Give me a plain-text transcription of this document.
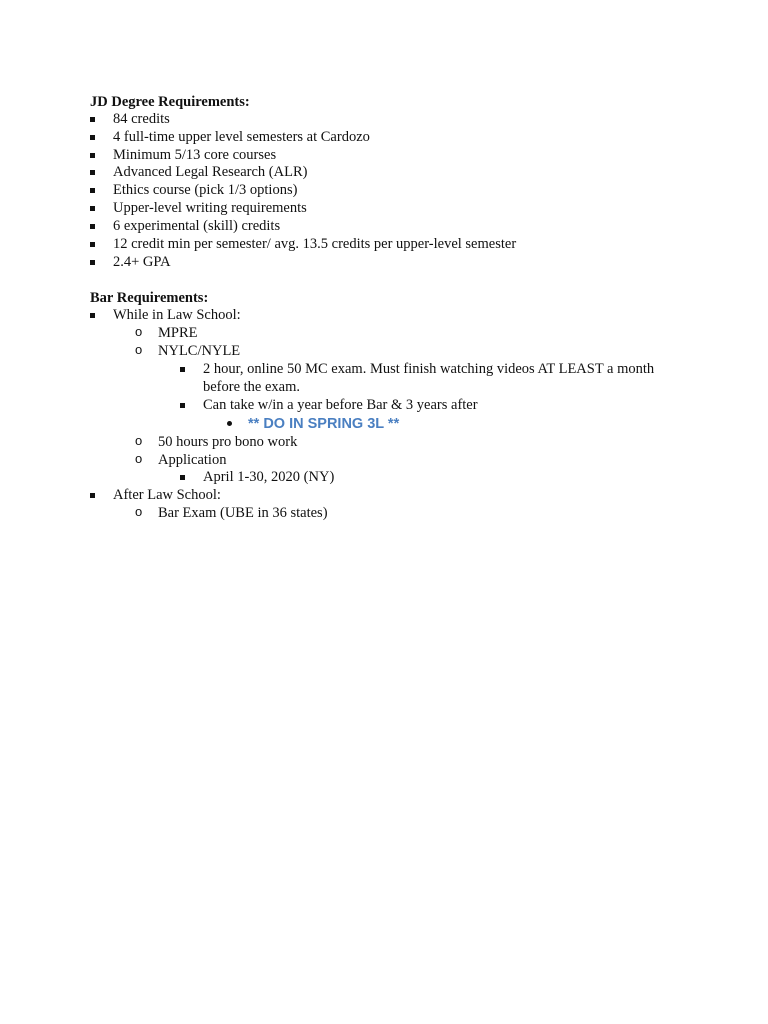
JD Degree Requirements:
84 credits
4 full-time upper level semesters at Cardozo
Minimum 5/13 core courses
Advanced Legal Research (ALR)
Ethics course (pick 1/3 options)
Upper-level writing requirements
6 experimental (skill) credits
12 credit min per semester/ avg. 13.5 credits per upper-level semester
2.4+ GPA
Bar Requirements:
While in Law School:
o MPRE
o NYLC/NYLE
2 hour, online 50 MC exam. Must finish watching videos AT LEAST a month
before the exam.
Can take w/in a year before Bar & 3 years after
** DO IN SPRING 3L **
o 50 hours pro bono work
o Application
April 1-30, 2020 (NY)
After Law School:
o Bar Exam (UBE in 36 states)
